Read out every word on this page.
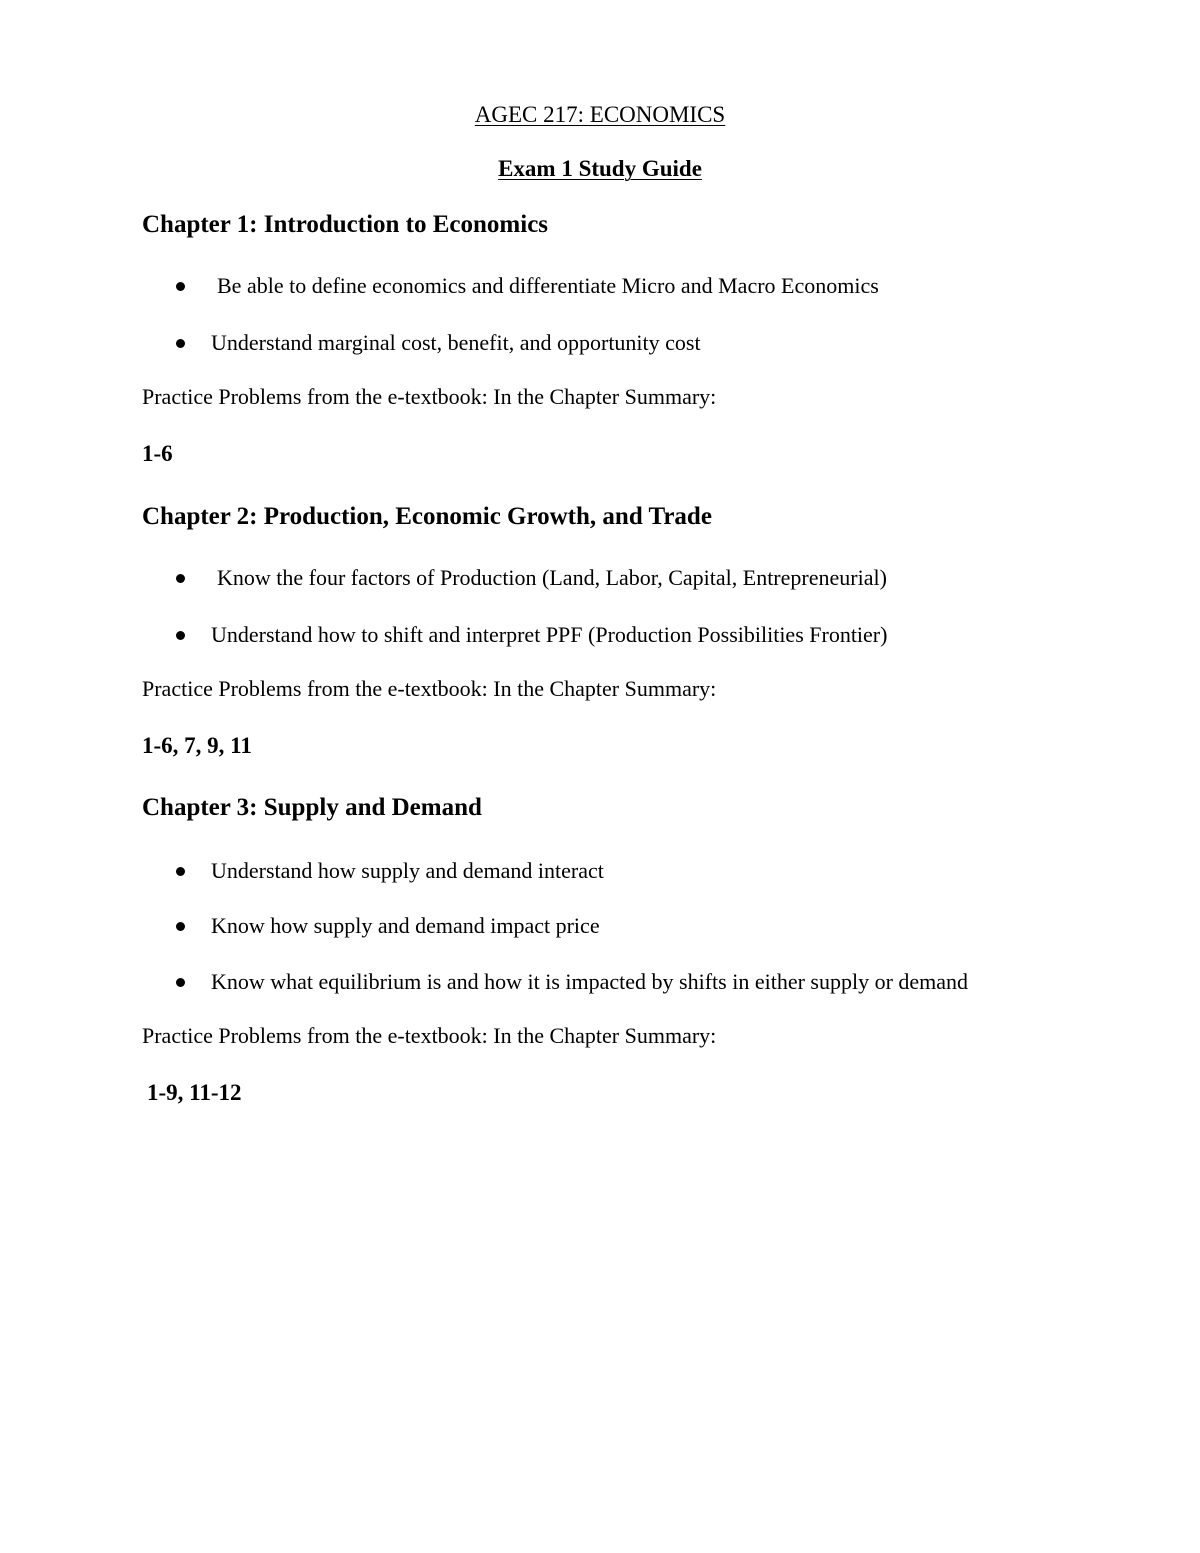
AGEC 217: ECONOMICS
Exam 1 Study Guide
Chapter 1: Introduction to Economics
Be able to define economics and differentiate Micro and Macro Economics
Understand marginal cost, benefit, and opportunity cost
Practice Problems from the e-textbook: In the Chapter Summary:
1-6
Chapter 2: Production, Economic Growth, and Trade
Know the four factors of Production (Land, Labor, Capital, Entrepreneurial)
Understand how to shift and interpret PPF (Production Possibilities Frontier)
Practice Problems from the e-textbook: In the Chapter Summary:
1-6, 7, 9, 11
Chapter 3: Supply and Demand
Understand how supply and demand interact
Know how supply and demand impact price
Know what equilibrium is and how it is impacted by shifts in either supply or demand
Practice Problems from the e-textbook: In the Chapter Summary:
1-9, 11-12
